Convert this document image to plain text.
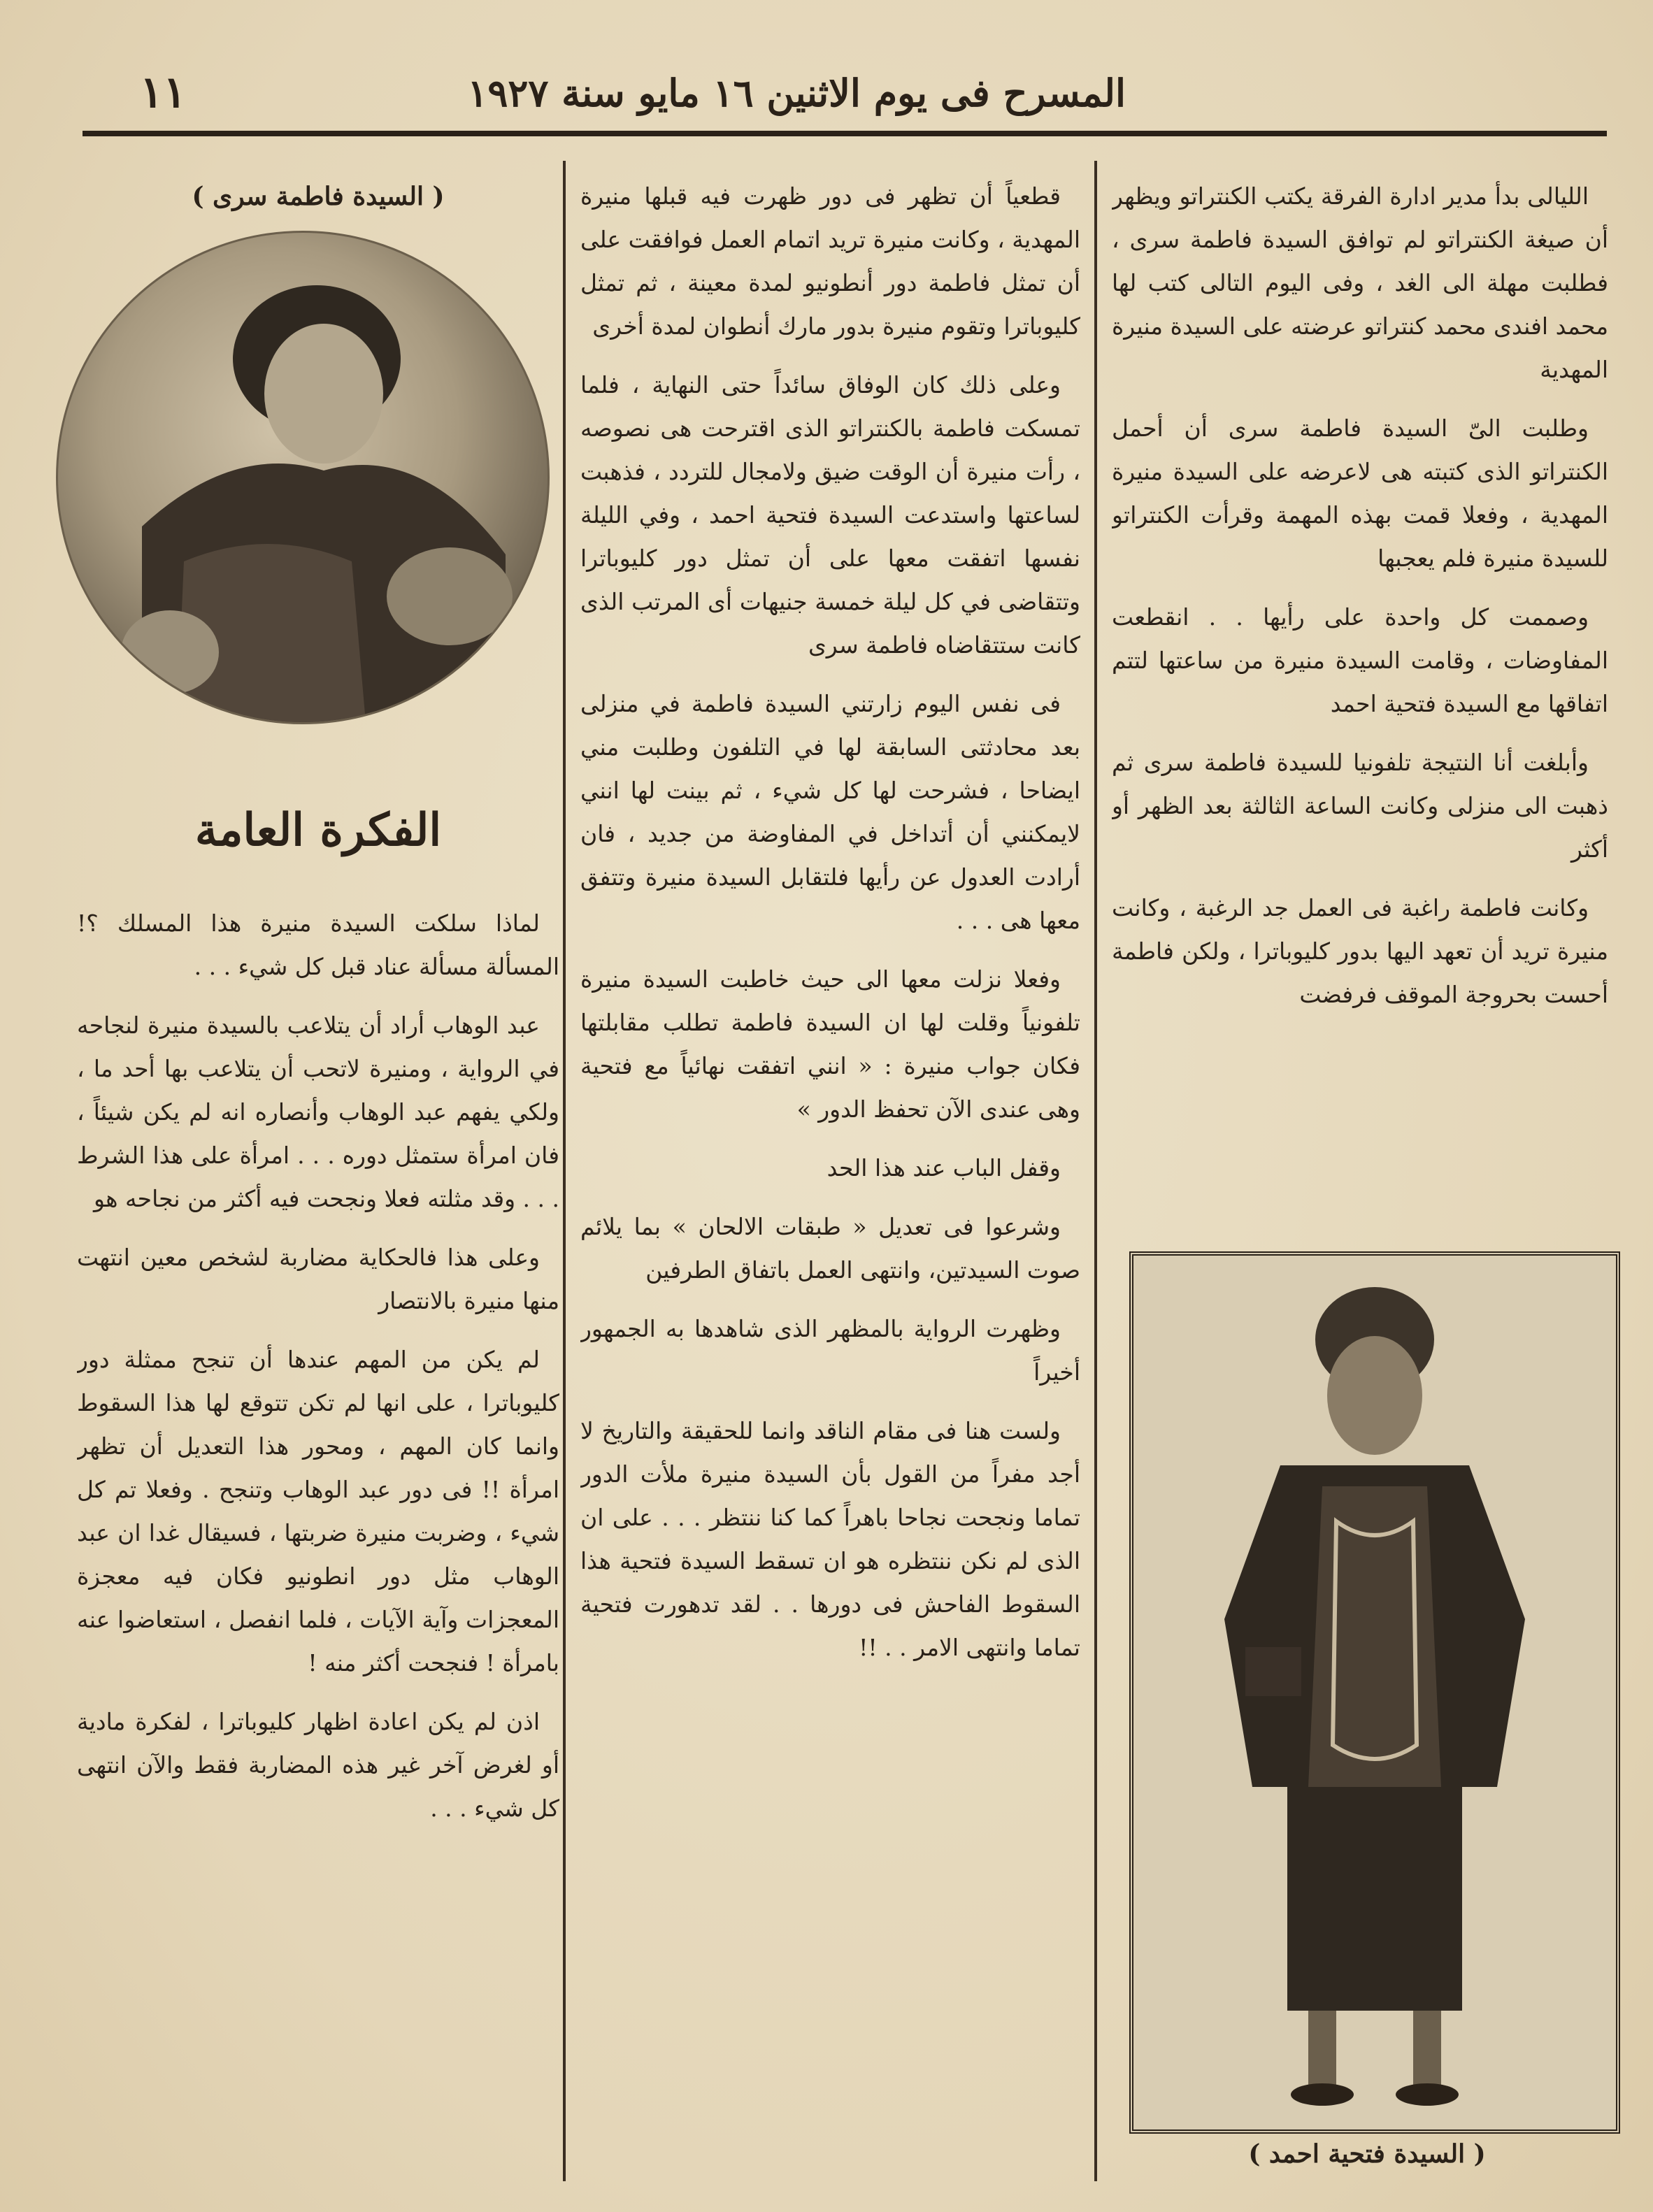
١١	المسرح فى يوم الاثنين ١٦ مايو سنة ١٩٢٧

الليالى بدأ مدير ادارة الفرقة يكتب الكنتراتو ويظهر أن صيغة الكنتراتو لم توافق السيدة فاطمة سرى ، فطلبت مهلة الى الغد ، وفى اليوم التالى كتب لها محمد افندى محمد كنتراتو عرضته على السيدة منيرة المهدية

وطلبت الىّ السيدة فاطمة سرى أن أحمل الكنتراتو الذى كتبته هى لاعرضه على السيدة منيرة المهدية ، وفعلا قمت بهذه المهمة وقرأت الكنتراتو للسيدة منيرة فلم يعجبها

وصممت كل واحدة على رأيها . . انقطعت المفاوضات ، وقامت السيدة منيرة من ساعتها لتتم اتفاقها مع السيدة فتحية احمد

وأبلغت أنا النتيجة تلفونيا للسيدة فاطمة سرى ثم ذهبت الى منزلى وكانت الساعة الثالثة بعد الظهر أو أكثر

وكانت فاطمة راغبة فى العمل جد الرغبة ، وكانت منيرة تريد أن تعهد اليها بدور كليوباترا ، ولكن فاطمة أحست بحروجة الموقف فرفضت

( السيدة فتحية احمد )

قطعياً أن تظهر فى دور ظهرت فيه قبلها منيرة المهدية ، وكانت منيرة تريد اتمام العمل فوافقت على أن تمثل فاطمة دور أنطونيو لمدة معينة ، ثم تمثل كليوباترا وتقوم منيرة بدور مارك أنطوان لمدة أخرى

وعلى ذلك كان الوفاق سائداً حتى النهاية ، فلما تمسكت فاطمة بالكنتراتو الذى اقترحت هى نصوصه ، رأت منيرة أن الوقت ضيق ولامجال للتردد ، فذهبت لساعتها واستدعت السيدة فتحية احمد ، وفي الليلة نفسها اتفقت معها على أن تمثل دور كليوباترا وتتقاضى في كل ليلة خمسة جنيهات أى المرتب الذى كانت ستتقاضاه فاطمة سرى

فى نفس اليوم زارتني السيدة فاطمة في منزلى بعد محادثتى السابقة لها في التلفون وطلبت مني ايضاحا ، فشرحت لها كل شيء ، ثم بينت لها انني لايمكنني أن أتداخل في المفاوضة من جديد ، فان أرادت العدول عن رأيها فلتقابل السيدة منيرة وتتفق معها هى . . .

وفعلا نزلت معها الى حيث خاطبت السيدة منيرة تلفونياً وقلت لها ان السيدة فاطمة تطلب مقابلتها فكان جواب منيرة : « انني اتفقت نهائياً مع فتحية وهى عندى الآن تحفظ الدور »

وقفل الباب عند هذا الحد

وشرعوا فى تعديل « طبقات الالحان » بما يلائم صوت السيدتين، وانتهى العمل باتفاق الطرفين

وظهرت الرواية بالمظهر الذى شاهدها به الجمهور أخيراً

ولست هنا فى مقام الناقد وانما للحقيقة والتاريخ لا أجد مفراً من القول بأن السيدة منيرة ملأت الدور تماما ونجحت نجاحا باهراً كما كنا ننتظر . . . على ان الذى لم نكن ننتظره هو ان تسقط السيدة فتحية هذا السقوط الفاحش فى دورها . . لقد تدهورت فتحية تماما وانتهى الامر . . !!

( السيدة فاطمة سرى )
الفكرة العامة

لماذا سلكت السيدة منيرة هذا المسلك ؟! المسألة مسألة عناد قبل كل شيء . . .

عبد الوهاب أراد أن يتلاعب بالسيدة منيرة لنجاحه في الرواية ، ومنيرة لاتحب أن يتلاعب بها أحد ما ، ولكي يفهم عبد الوهاب وأنصاره انه لم يكن شيئاً ، فان امرأة ستمثل دوره . . . امرأة على هذا الشرط . . . وقد مثلته فعلا ونجحت فيه أكثر من نجاحه هو

وعلى هذا فالحكاية مضاربة لشخص معين انتهت منها منيرة بالانتصار

لم يكن من المهم عندها أن تنجح ممثلة دور كليوباترا ، على انها لم تكن تتوقع لها هذا السقوط وانما كان المهم ، ومحور هذا التعديل أن تظهر امرأة !! فى دور عبد الوهاب وتنجح . وفعلا تم كل شيء ، وضربت منيرة ضربتها ، فسيقال غدا ان عبد الوهاب مثل دور انطونيو فكان فيه معجزة المعجزات وآية الآيات ، فلما انفصل ، استعاضوا عنه بامرأة ! فنجحت أكثر منه !

اذن لم يكن اعادة اظهار كليوباترا ، لفكرة مادية أو لغرض آخر غير هذه المضاربة فقط والآن انتهى كل شيء . . .
